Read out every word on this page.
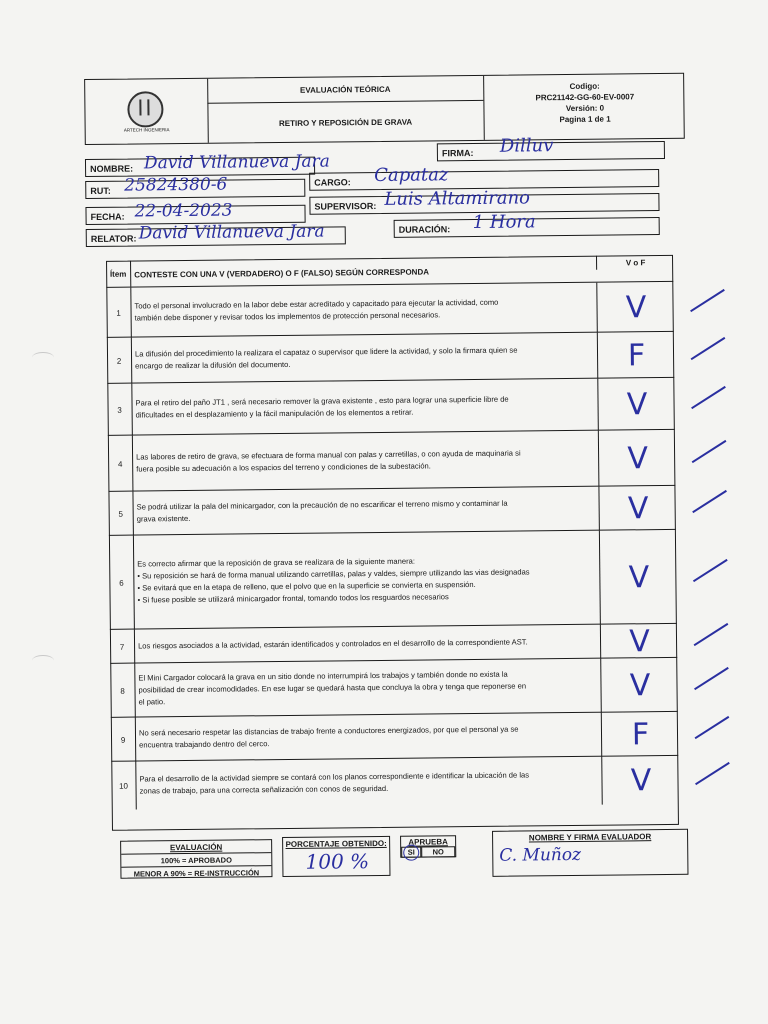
ARTECH INGENIERIA
EVALUACIÓN TEÓRICA
RETIRO Y REPOSICIÓN DE GRAVA
Codigo:
PRC21142-GG-60-EV-0007
Versión: 0
Pagina 1 de 1
NOMBRE: David Villanueva Jara	FIRMA: Dilluv
RUT: 25824380-6	CARGO: Capataz
FECHA: 22-04-2023	SUPERVISOR: Luis Altamirano
RELATOR: David Villanueva Jara	DURACIÓN: 1 Hora
Ítem CONTESTE CON UNA V (VERDADERO) O F (FALSO) SEGÚN CORRESPONDA
V o F
1
Todo el personal involucrado en la labor debe estar acreditado y capacitado para ejecutar la actividad, como
también debe disponer y revisar todos los implementos de protección personal necesarios.	V
2
La difusión del procedimiento la realizara el capataz o supervisor que lidere la actividad, y solo la firmara quien se
encargo de realizar la difusión del documento.	F
3
Para el retiro del paño JT1 , será necesario remover la grava existente , esto para lograr una superficie libre de
dificultades en el desplazamiento y la fácil manipulación de los elementos a retirar.	V
4
Las labores de retiro de grava, se efectuara de forma manual con palas y carretillas, o con ayuda de maquinaria si
fuera posible su adecuación a los espacios del terreno y condiciones de la subestación.	V
5
Se podrá utilizar la pala del minicargador, con la precaución de no escarificar el terreno mismo y contaminar la
grava existente.	V
6
Es correcto afirmar que la reposición de grava se realizara de la siguiente manera:
• Su reposición se hará de forma manual utilizando carretillas, palas y valdes, siempre utilizando las vias designadas
• Se evitará que en la etapa de relleno, que el polvo que en la superficie se convierta en suspensión.
• Si fuese posible se utilizará minicargador frontal, tomando todos los resguardos necesarios
V
7	Los riesgos asociados a la actividad, estarán identificados y controlados en el desarrollo de la correspondiente AST.	V
8
El Mini Cargador colocará la grava en un sitio donde no interrumpirá los trabajos y también donde no exista la
posibilidad de crear incomodidades. En ese lugar se quedará hasta que concluya la obra y tenga que reponerse en
el patio.	V
9
No será necesario respetar las distancias de trabajo frente a conductores energizados, por que el personal ya se
encuentra trabajando dentro del cerco.	F
10
Para el desarrollo de la actividad siempre se contará con los planos correspondiente e identificar la ubicación de las
zonas de trabajo, para una correcta señalización con conos de seguridad.	V
EVALUACIÓN
100% = APROBADO
MENOR A 90% = RE-INSTRUCCIÓN
PORCENTAJE OBTENIDO:
100 %
APRUEBA
SI	NO
NOMBRE Y FIRMA EVALUADOR
C. Muñoz
